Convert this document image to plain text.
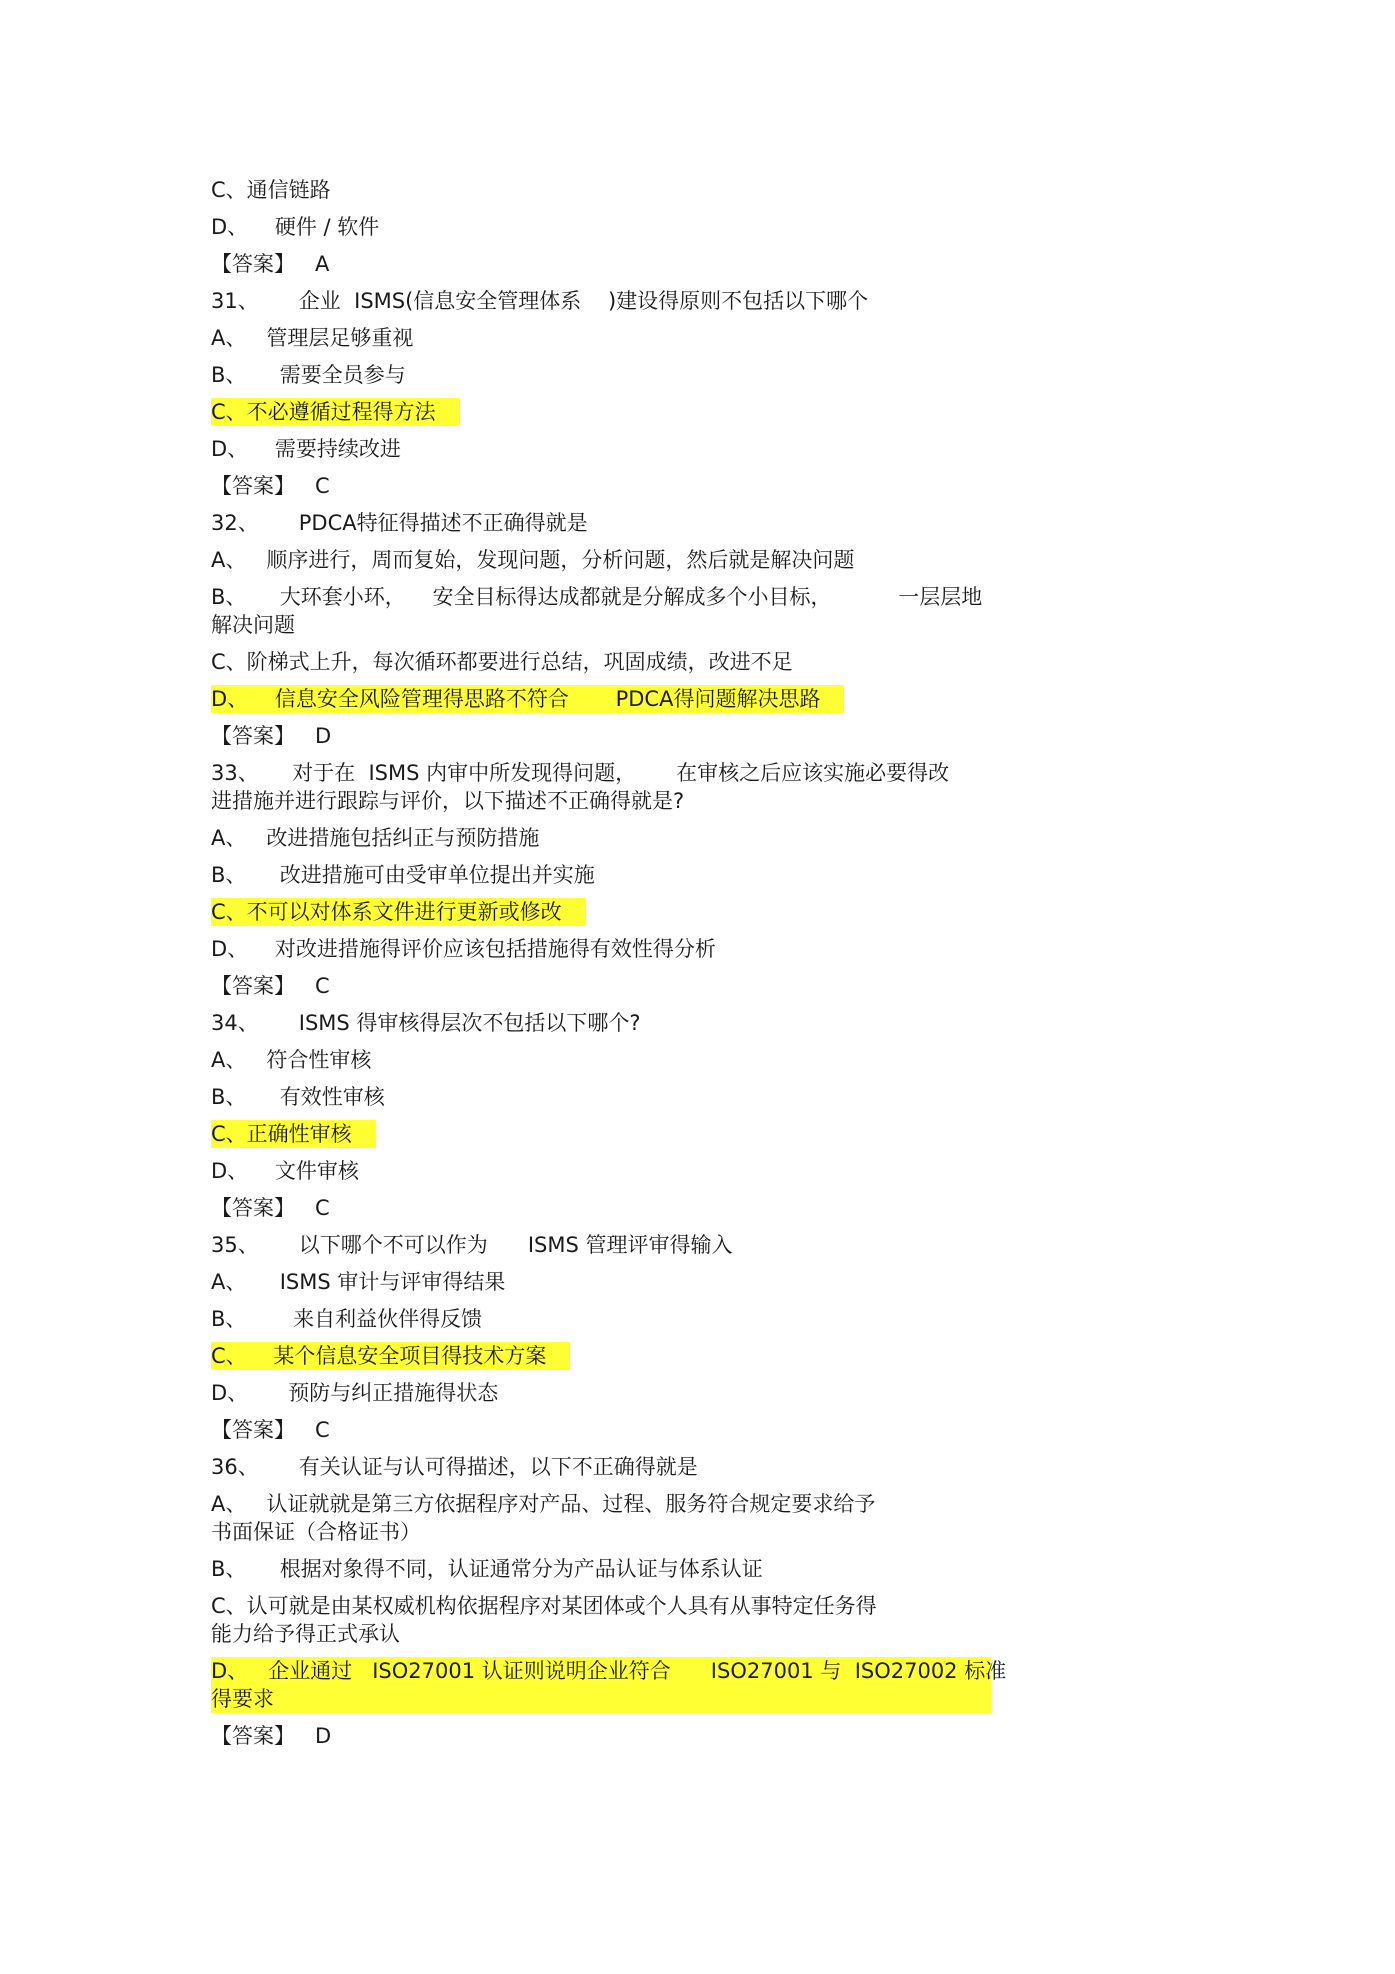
C、通信链路
D、    硬件 / 软件
【答案】   A
31、      企业  ISMS(信息安全管理体系    )建设得原则不包括以下哪个
A、   管理层足够重视
B、     需要全员参与
C、不必遵循过程得方法
D、    需要持续改进
【答案】   C
32、      PDCA特征得描述不正确得就是
A、   顺序进行，周而复始，发现问题，分析问题，然后就是解决问题
B、     大环套小环，    安全目标得达成都就是分解成多个小目标，          一层层地
解决问题
C、阶梯式上升，每次循环都要进行总结，巩固成绩，改进不足
D、    信息安全风险管理得思路不符合       PDCA得问题解决思路
【答案】   D
33、     对于在  ISMS 内审中所发现得问题，      在审核之后应该实施必要得改
进措施并进行跟踪与评价，以下描述不正确得就是?
A、   改进措施包括纠正与预防措施
B、     改进措施可由受审单位提出并实施
C、不可以对体系文件进行更新或修改
D、    对改进措施得评价应该包括措施得有效性得分析
【答案】   C
34、      ISMS 得审核得层次不包括以下哪个?
A、   符合性审核
B、     有效性审核
C、正确性审核
D、    文件审核
【答案】   C
35、      以下哪个不可以作为      ISMS 管理评审得输入
A、     ISMS 审计与评审得结果
B、       来自利益伙伴得反馈
C、    某个信息安全项目得技术方案
D、      预防与纠正措施得状态
【答案】   C
36、      有关认证与认可得描述，以下不正确得就是
A、   认证就就是第三方依据程序对产品、过程、服务符合规定要求给予
书面保证（合格证书）
B、     根据对象得不同，认证通常分为产品认证与体系认证
C、认可就是由某权威机构依据程序对某团体或个人具有从事特定任务得
能力给予得正式承认
D、   企业通过   ISO27001 认证则说明企业符合      ISO27001 与  ISO27002 标准
得要求
【答案】   D
